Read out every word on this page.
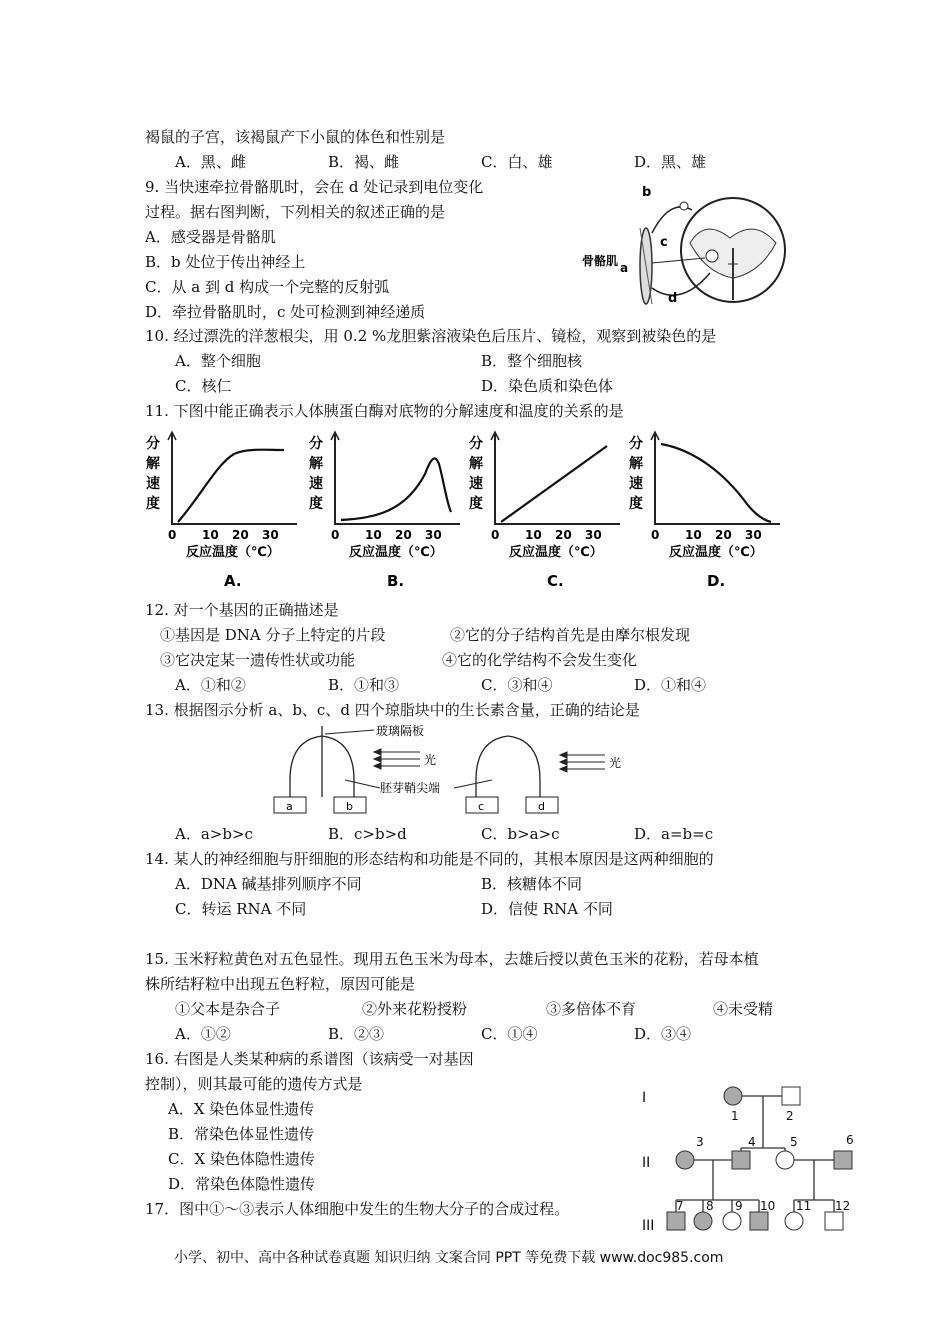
褐鼠的子宫，该褐鼠产下小鼠的体色和性别是
A．黑、雌	B．褐、雌	C．白、雄	D．黑、雄
9. 当快速牵拉骨骼肌时，会在 d 处记录到电位变化
过程。据右图判断，下列相关的叙述正确的是
A．感受器是骨骼肌
B．b 处位于传出神经上
C．从 a 到 d 构成一个完整的反射弧
D．牵拉骨骼肌时，c 处可检测到神经递质
b
a
c
d
骨骼肌
10. 经过漂洗的洋葱根尖，用 0.2 %龙胆紫溶液染色后压片、镜检，观察到被染色的是
A．整个细胞	B．整个细胞核
C．核仁	D．染色质和染色体
11. 下图中能正确表示人体胰蛋白酶对底物的分解速度和温度的关系的是
0 10 20 30
反应温度（℃）
分
解
速
度
A.
0 10 20 30
反应温度（℃）
分
解
速
度
B.
0 10 20 30
反应温度（℃）
分
解
速
度
C.
0 10 20 30
反应温度（℃）
分
解
速
度
D.
12. 对一个基因的正确描述是
①基因是 DNA 分子上特定的片段	②它的分子结构首先是由摩尔根发现
③它决定某一遗传性状或功能	④它的化学结构不会发生变化
A．①和②	B．①和③	C．③和④	D．①和④
13. 根据图示分析 a、b、c、d 四个琼脂块中的生长素含量，正确的结论是
玻璃隔板
光	光
胚芽鞘尖端
a	b	c	d
A．a>b>c	B．c>b>d	C．b>a>c	D．a=b=c
14. 某人的神经细胞与肝细胞的形态结构和功能是不同的，其根本原因是这两种细胞的
A．DNA 碱基排列顺序不同	B．核糖体不同
C．转运 RNA 不同	D．信使 RNA 不同
15. 玉米籽粒黄色对五色显性。现用五色玉米为母本，去雄后授以黄色玉米的花粉，若母本植
株所结籽粒中出现五色籽粒，原因可能是
①父本是杂合子	②外来花粉授粉	③多倍体不育	④未受精
A．①②	B．②③	C．①④	D．③④
16. 右图是人类某种病的系谱图（该病受一对基因
控制），则其最可能的遗传方式是
A．X 染色体显性遗传
B．常染色体显性遗传
C．X 染色体隐性遗传
D．常染色体隐性遗传
I
II
III
1	2
3	4	5	6
7 8 9 10 11 12
17．图中①～③表示人体细胞中发生的生物大分子的合成过程。
小学、初中、高中各种试卷真题 知识归纳 文案合同 PPT 等免费下载 www.doc985.com
